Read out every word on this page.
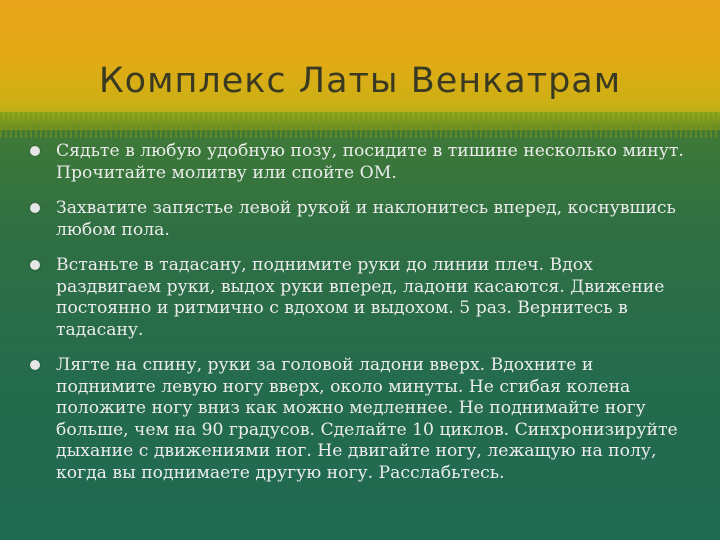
Комплекс Латы Венкатрам
Сядьте в любую удобную позу, посидите в тишине несколько минут. Прочитайте молитву или спойте ОМ.
Захватите запястье левой рукой и наклонитесь вперед, коснувшись любом пола.
Встаньте в тадасану, поднимите руки до линии плеч. Вдох раздвигаем руки, выдох руки вперед, ладони касаются. Движение постоянно и ритмично с вдохом и выдохом. 5 раз. Вернитесь в тадасану.
Лягте на спину, руки за головой ладони вверх. Вдохните и поднимите левую ногу вверх, около минуты. Не сгибая колена положите ногу вниз как можно медленнее. Не поднимайте ногу больше, чем на 90 градусов. Сделайте 10 циклов. Синхронизируйте дыхание с движениями ног. Не двигайте ногу, лежащую на полу, когда вы поднимаете другую ногу. Расслабьтесь.
